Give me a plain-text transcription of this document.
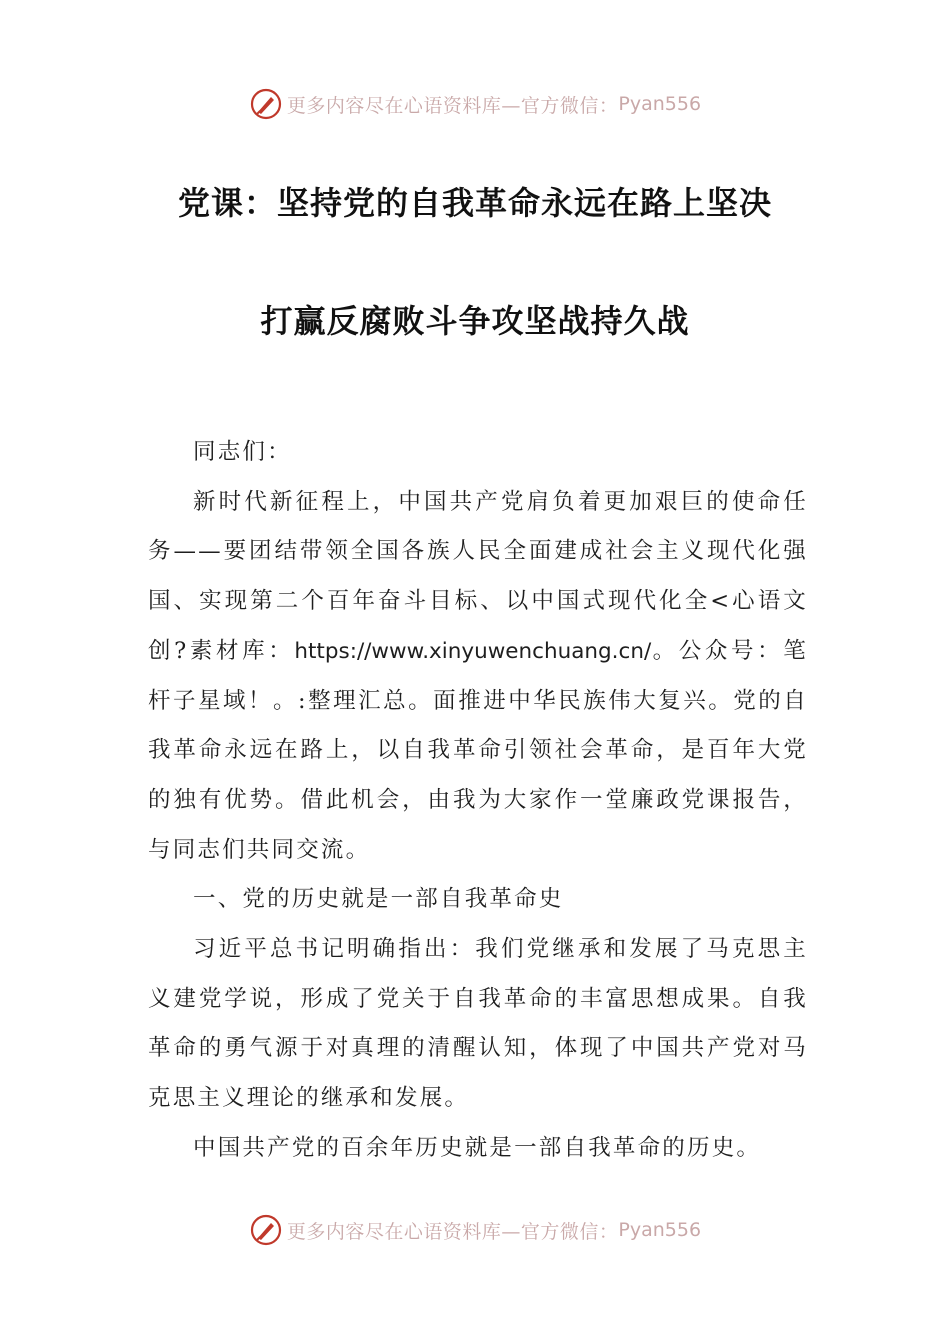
更多内容尽在心语资料库—官方微信： Pyan556
党课：坚持党的自我革命永远在路上坚决
打赢反腐败斗争攻坚战持久战

同志们：

新时代新征程上，中国共产党肩负着更加艰巨的使命任务——要团结带领全国各族人民全面建成社会主义现代化强国、实现第二个百年奋斗目标、以中国式现代化全<心语文创?素材库：https://www.xinyuwenchuang.cn/。公众号：笔杆子星域！。:整理汇总。面推进中华民族伟大复兴。党的自我革命永远在路上，以自我革命引领社会革命，是百年大党的独有优势。借此机会，由我为大家作一堂廉政党课报告，与同志们共同交流。

一、党的历史就是一部自我革命史

习近平总书记明确指出：我们党继承和发展了马克思主义建党学说，形成了党关于自我革命的丰富思想成果。自我革命的勇气源于对真理的清醒认知，体现了中国共产党对马克思主义理论的继承和发展。

中国共产党的百余年历史就是一部自我革命的历史。

更多内容尽在心语资料库—官方微信： Pyan556
